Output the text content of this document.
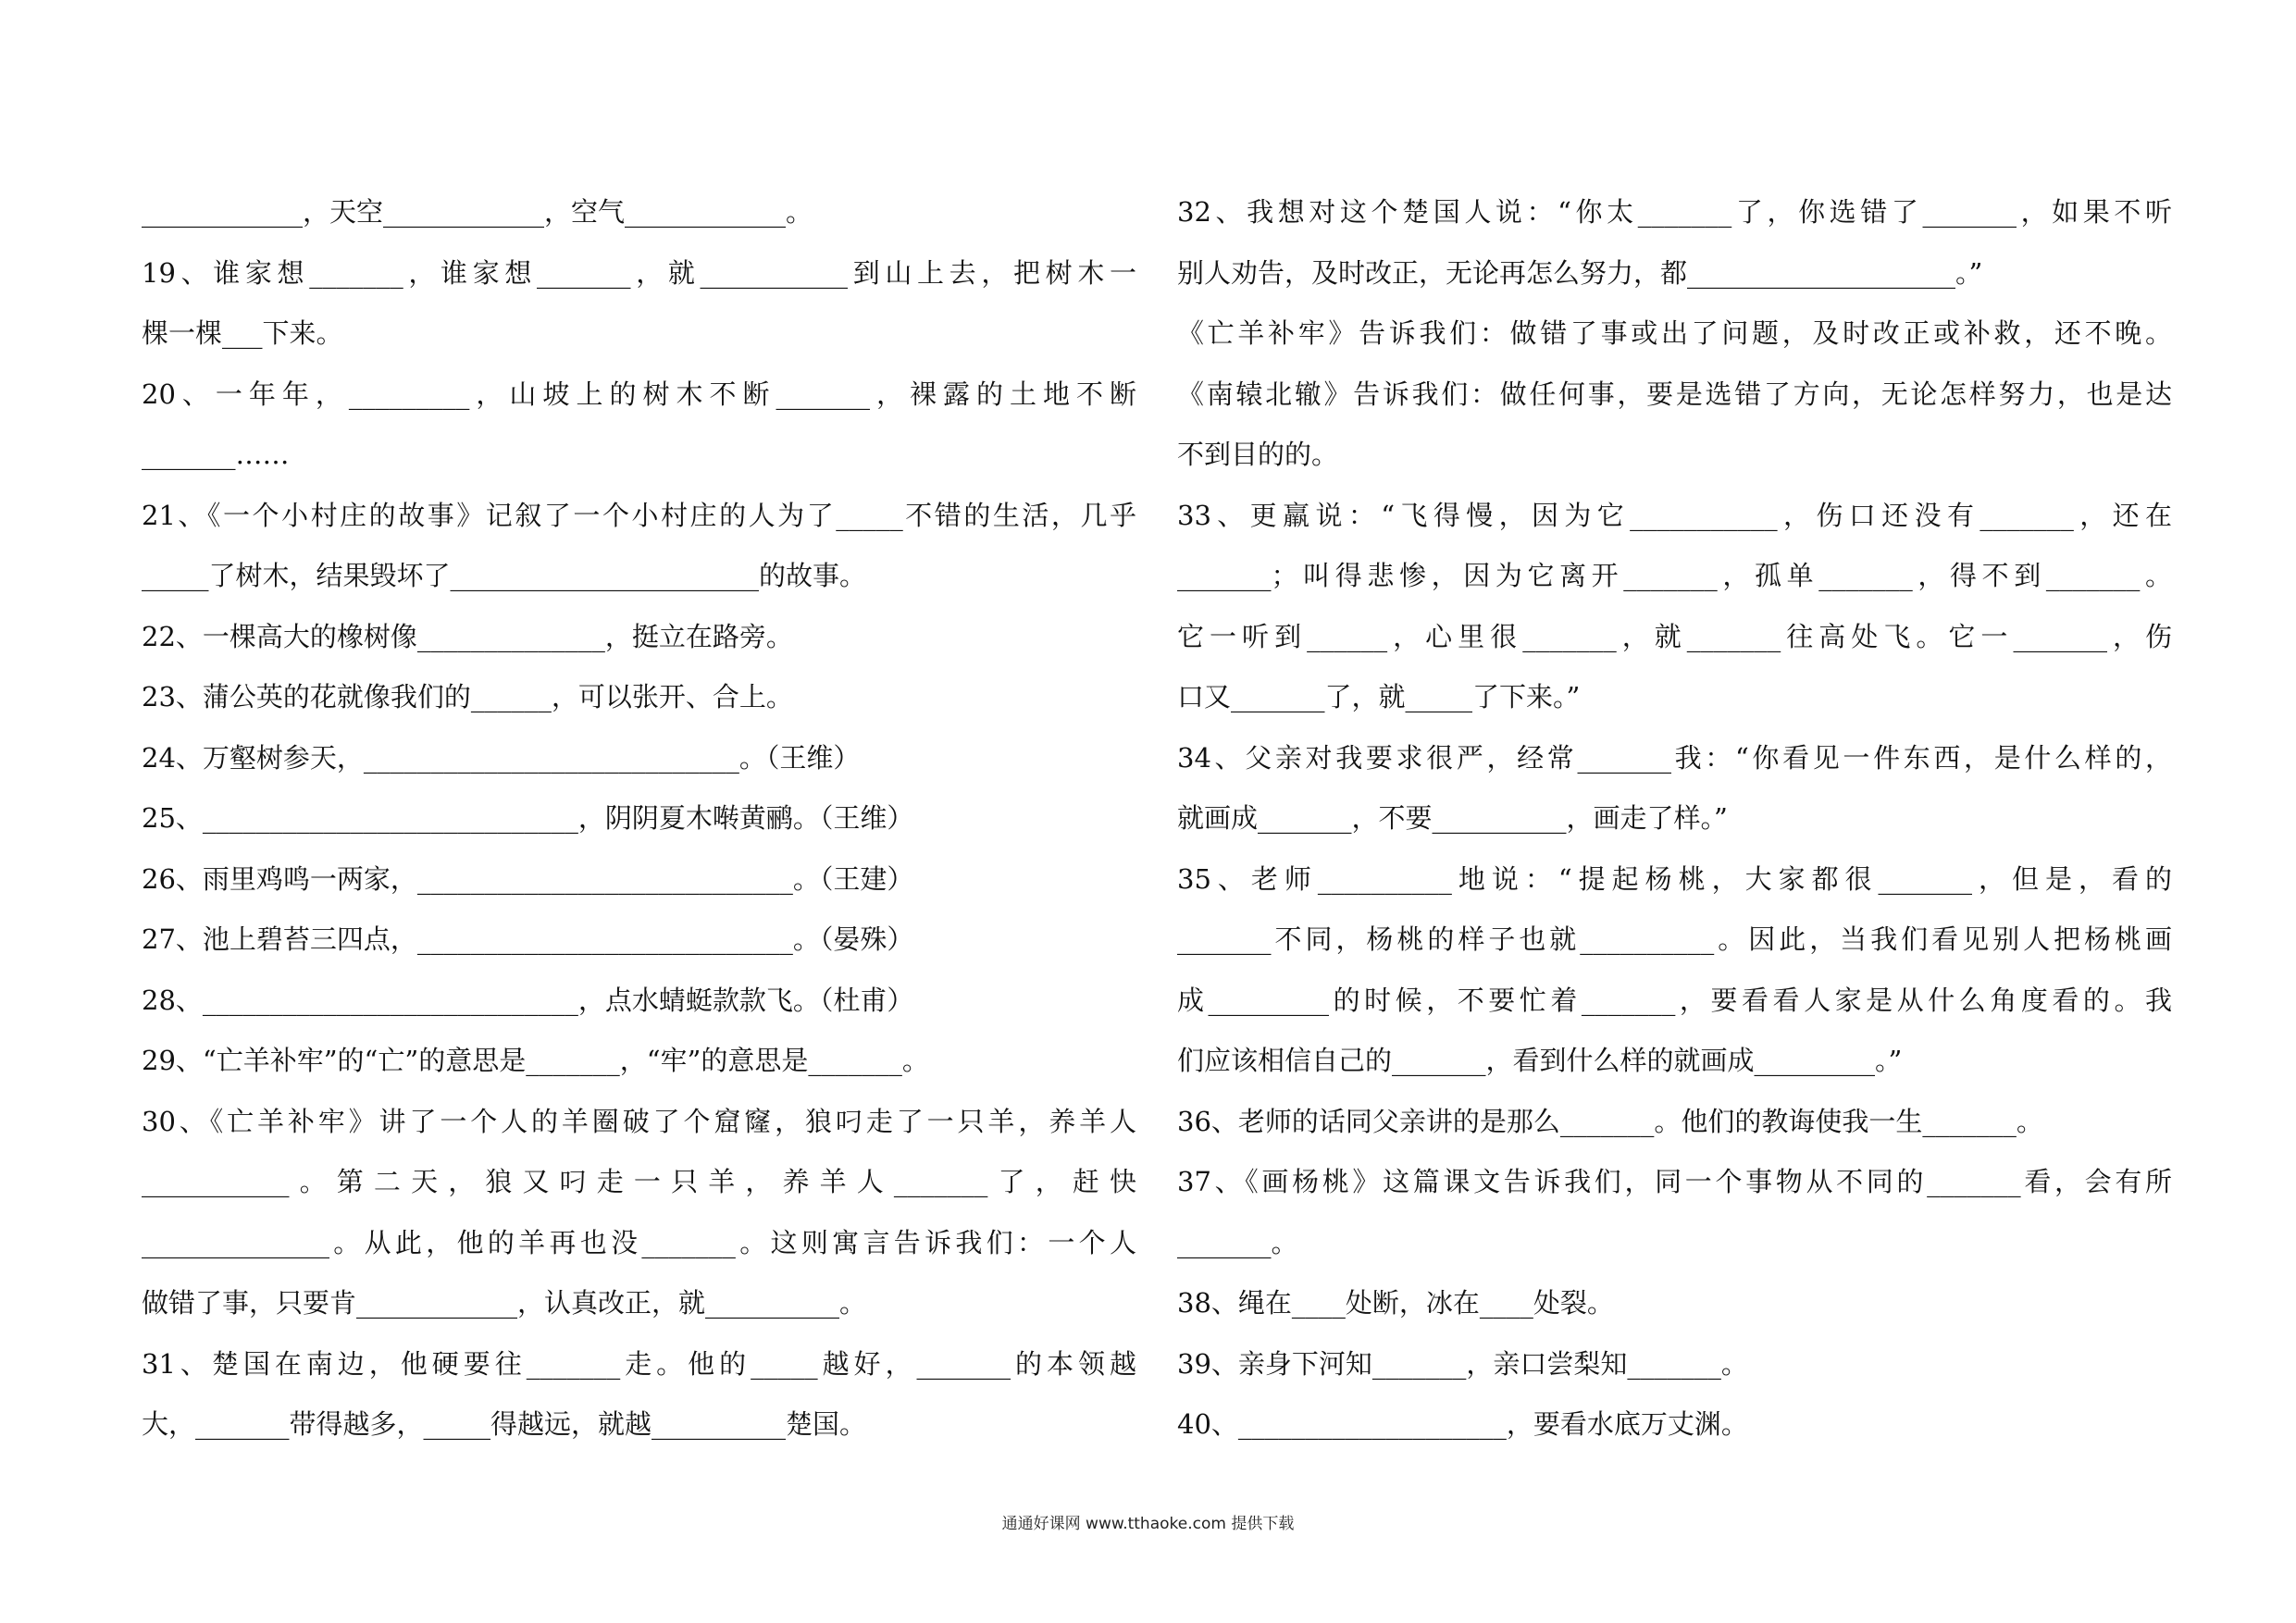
____________，天空____________，空气____________。
19、谁家想_______，谁家想_______，就___________到山上去，把树木一
棵一棵___下来。
20、一年年，_________，山坡上的树木不断_______，裸露的土地不断
_______……
21、《一个小村庄的故事》记叙了一个小村庄的人为了_____不错的生活，几乎
_____了树木，结果毁坏了_______________________的故事。
22、一棵高大的橡树像______________，挺立在路旁。
23、蒲公英的花就像我们的______，可以张开、合上。
24、万壑树参天，____________________________。（王维）
25、____________________________，阴阴夏木啭黄鹂。（王维）
26、雨里鸡鸣一两家，____________________________。（王建）
27、池上碧苔三四点，____________________________。（晏殊）
28、____________________________，点水蜻蜓款款飞。（杜甫）
29、“亡羊补牢”的“亡”的意思是_______，“牢”的意思是_______。
30、《亡羊补牢》讲了一个人的羊圈破了个窟窿，狼叼走了一只羊，养羊人
___________。第二天，狼又叼走一只羊，养羊人_______了，赶快
______________。从此，他的羊再也没_______。这则寓言告诉我们：一个人
做错了事，只要肯____________，认真改正，就__________。
31、楚国在南边，他硬要往_______走。他的_____越好，_______的本领越
大，_______带得越多，_____得越远，就越__________楚国。
32、我想对这个楚国人说：“你太_______了，你选错了_______，如果不听
别人劝告，及时改正，无论再怎么努力，都____________________。”
《亡羊补牢》告诉我们：做错了事或出了问题，及时改正或补救，还不晚。
《南辕北辙》告诉我们：做任何事，要是选错了方向，无论怎样努力，也是达
不到目的的。
33、更羸说：“飞得慢，因为它___________，伤口还没有_______，还在
_______；叫得悲惨，因为它离开_______，孤单_______，得不到_______。
它一听到______，心里很_______，就_______往高处飞。它一_______，伤
口又_______了，就_____了下来。”
34、父亲对我要求很严，经常_______我：“你看见一件东西，是什么样的，
就画成_______，不要__________，画走了样。”
35、老师__________地说：“提起杨桃，大家都很_______，但是，看的
_______不同，杨桃的样子也就__________。因此，当我们看见别人把杨桃画
成_________的时候，不要忙着_______，要看看人家是从什么角度看的。我
们应该相信自己的_______，看到什么样的就画成_________。”
36、老师的话同父亲讲的是那么_______。他们的教诲使我一生_______。
37、《画杨桃》这篇课文告诉我们，同一个事物从不同的_______看，会有所
_______。
38、绳在____处断，冰在____处裂。
39、亲身下河知_______，亲口尝梨知_______。
40、____________________，要看水底万丈渊。
通通好课网 www.tthaoke.com 提供下载
